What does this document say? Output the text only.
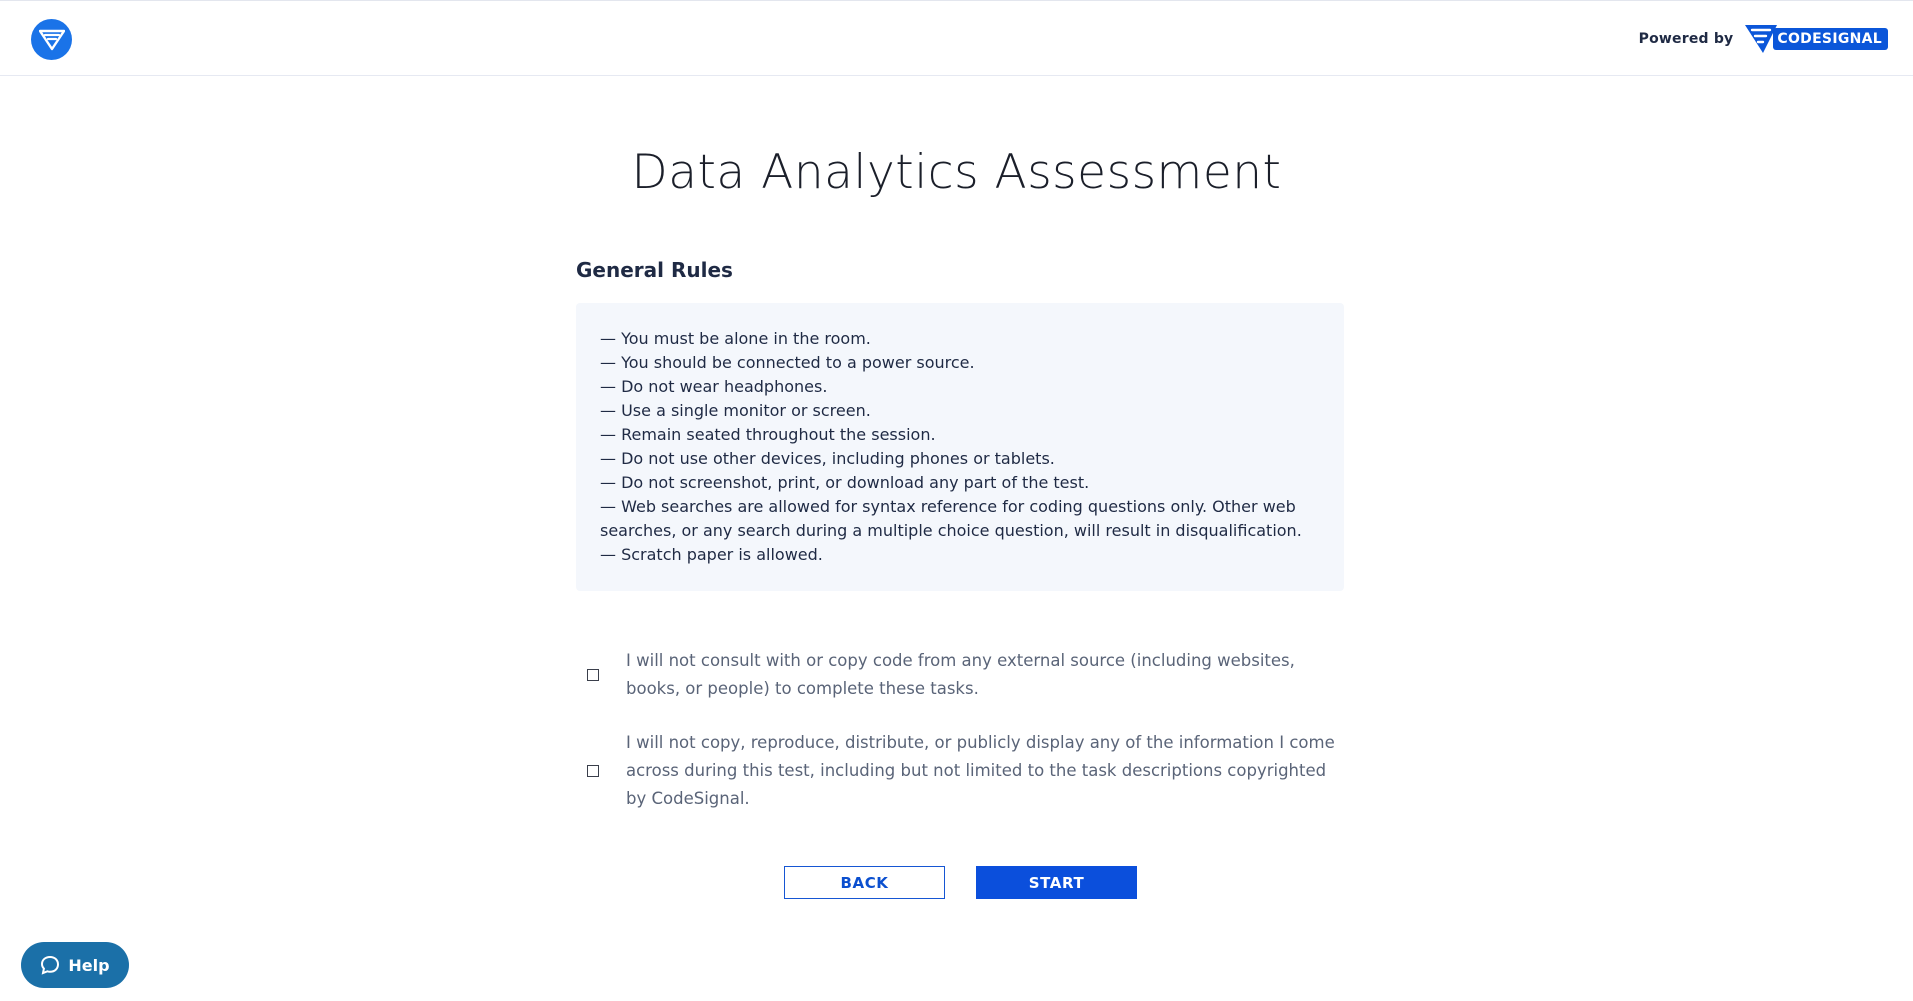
Powered by	CODESIGNAL
Data Analytics Assessment
General Rules
— You must be alone in the room.
— You should be connected to a power source.
— Do not wear headphones.
— Use a single monitor or screen.
— Remain seated throughout the session.
— Do not use other devices, including phones or tablets.
— Do not screenshot, print, or download any part of the test.
— Web searches are allowed for syntax reference for coding questions only. Other web searches, or any search during a multiple choice question, will result in disqualification.
— Scratch paper is allowed.
I will not consult with or copy code from any external source (including websites, books, or people) to complete these tasks.
I will not copy, reproduce, distribute, or publicly display any of the information I come across during this test, including but not limited to the task descriptions copyrighted by CodeSignal.
BACK	START
Help
